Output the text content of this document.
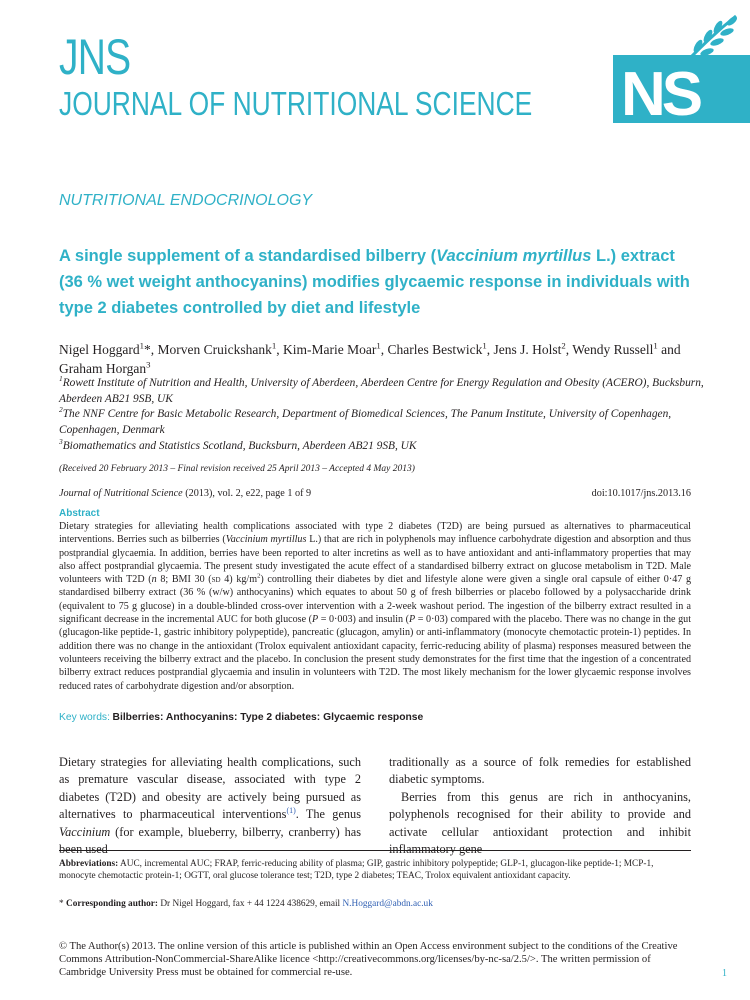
JNS
JOURNAL OF NUTRITIONAL SCIENCE NS
NUTRITIONAL ENDOCRINOLOGY
A single supplement of a standardised bilberry (Vaccinium myrtillus L.) extract (36 % wet weight anthocyanins) modifies glycaemic response in individuals with type 2 diabetes controlled by diet and lifestyle
Nigel Hoggard$^1$*, Morven Cruickshank$^1$, Kim-Marie Moar$^1$, Charles Bestwick$^1$, Jens J. Holst$^2$, Wendy Russell$^1$ and Graham Horgan$^3$
$^1$Rowett Institute of Nutrition and Health, University of Aberdeen, Aberdeen Centre for Energy Regulation and Obesity (ACERO), Bucksburn, Aberdeen AB21 9SB, UK
$^2$The NNF Centre for Basic Metabolic Research, Department of Biomedical Sciences, The Panum Institute, University of Copenhagen, Copenhagen, Denmark
$^3$Biomathematics and Statistics Scotland, Bucksburn, Aberdeen AB21 9SB, UK
(Received 20 February 2013 – Final revision received 25 April 2013 – Accepted 4 May 2013)
Journal of Nutritional Science (2013), vol. 2, e22, page 1 of 9	doi:10.1017/jns.2013.16
Abstract
Dietary strategies for alleviating health complications associated with type 2 diabetes (T2D) are being pursued as alternatives to pharmaceutical interventions. Berries such as bilberries (Vaccinium myrtillus L.) that are rich in polyphenols may influence carbohydrate digestion and absorption and thus postprandial glycaemia. In addition, berries have been reported to alter incretins as well as to have antioxidant and anti-inflammatory properties that may also affect postprandial glycaemia. The present study investigated the acute effect of a standardised bilberry extract on glucose metabolism in T2D. Male volunteers with T2D (n 8; BMI 30 (sd 4) $kg/m^2$) controlling their diabetes by diet and lifestyle alone were given a single oral capsule of either 0·47 g standardised bilberry extract (36 % (w/w) anthocyanins) which equates to about 50 g of fresh bilberries or placebo followed by a polysaccharide drink (equivalent to 75 g glucose) in a double-blinded cross-over intervention with a 2-week washout period. The ingestion of the bilberry extract resulted in a significant decrease in the incremental AUC for both glucose (P = 0·003) and insulin (P = 0·03) compared with the placebo. There was no change in the gut (glucagon-like peptide-1, gastric inhibitory polypeptide), pancreatic (glucagon, amylin) or anti-inflammatory (monocyte chemotactic protein-1) peptides. In addition there was no change in the antioxidant (Trolox equivalent antioxidant capacity, ferric-reducing ability of plasma) responses measured between the volunteers receiving the bilberry extract and the placebo. In conclusion the present study demonstrates for the first time that the ingestion of a concentrated bilberry extract reduces postprandial glycaemia and insulin in volunteers with T2D. The most likely mechanism for the lower glycaemic response involves reduced rates of carbohydrate digestion and/or absorption.
Key words: Bilberries: Anthocyanins: Type 2 diabetes: Glycaemic response
Dietary strategies for alleviating health complications, such as premature vascular disease, associated with type 2 diabetes (T2D) and obesity are actively being pursued as alternatives to pharmaceutical interventions$^{(1)}$. The genus Vaccinium (for example, blueberry, bilberry, cranberry) has been used
traditionally as a source of folk remedies for established diabetic symptoms.
Berries from this genus are rich in anthocyanins, polyphenols recognised for their ability to provide and activate cellular antioxidant protection and inhibit inflammatory gene
Abbreviations: AUC, incremental AUC; FRAP, ferric-reducing ability of plasma; GIP, gastric inhibitory polypeptide; GLP-1, glucagon-like peptide-1; MCP-1, monocyte chemotactic protein-1; OGTT, oral glucose tolerance test; T2D, type 2 diabetes; TEAC, Trolox equivalent antioxidant capacity.
* Corresponding author: Dr Nigel Hoggard, fax + 44 1224 438629, email N.Hoggard@abdn.ac.uk
© The Author(s) 2013. The online version of this article is published within an Open Access environment subject to the conditions of the Creative Commons Attribution-NonCommercial-ShareAlike licence <http://creativecommons.org/licenses/by-nc-sa/2.5/>. The written permission of Cambridge University Press must be obtained for commercial re-use.	1
